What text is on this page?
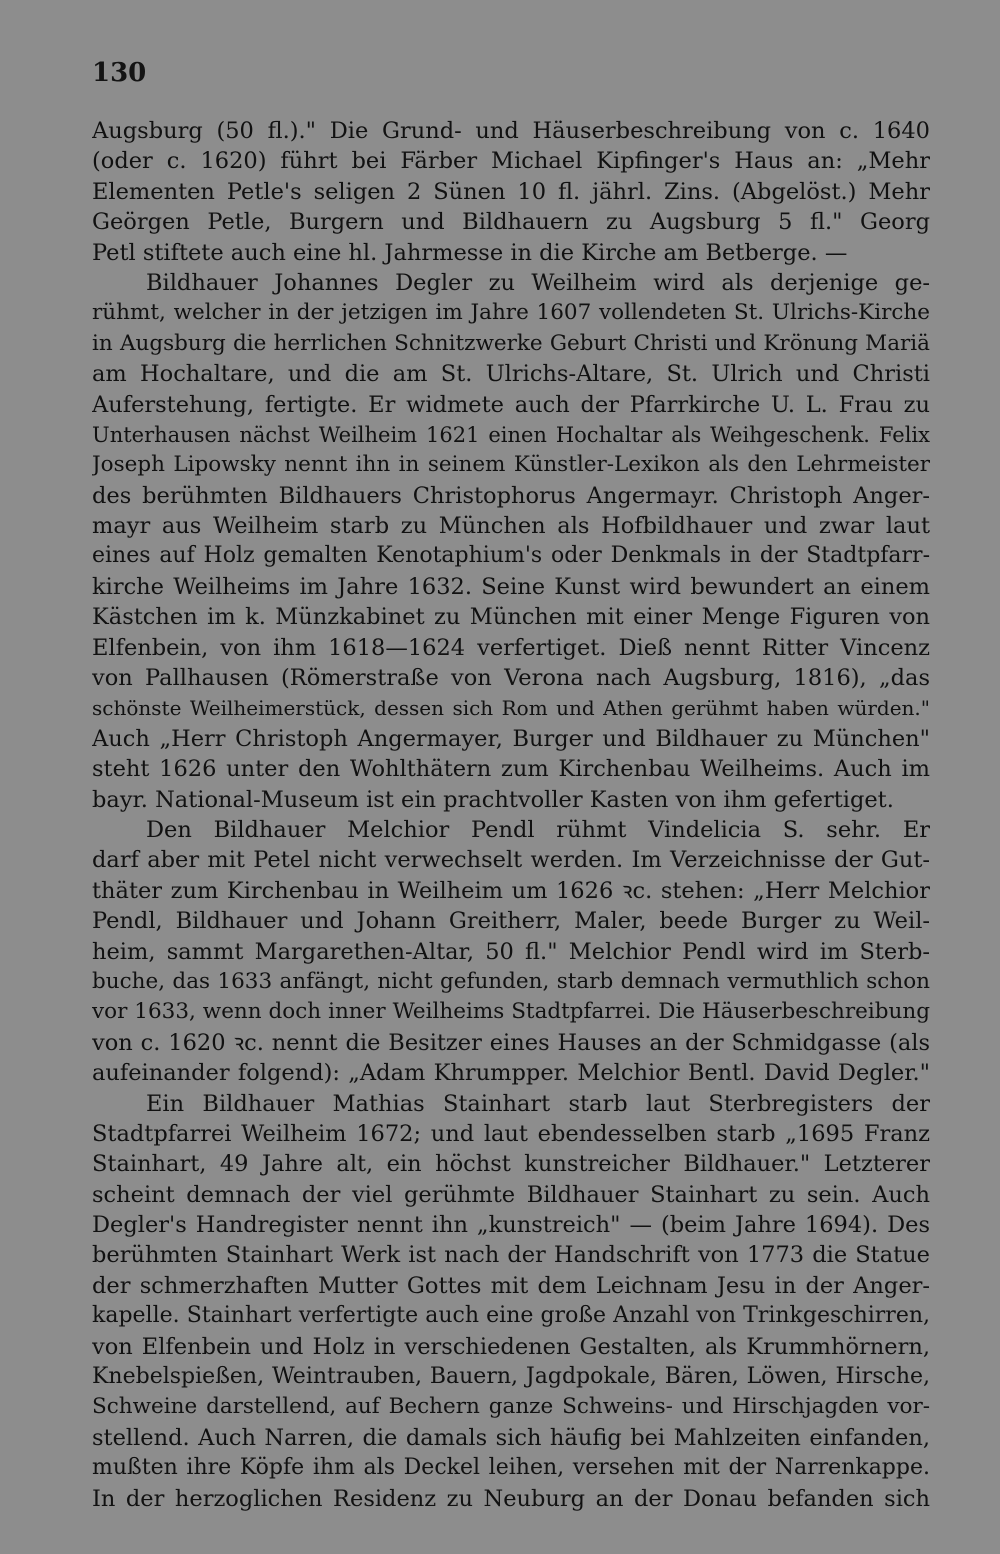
130
Augsburg (50 fl.)." Die Grund- und Häuserbeschreibung von c. 1640
(oder c. 1620) führt bei Färber Michael Kipfinger's Haus an: „Mehr
Elementen Petle's seligen 2 Sünen 10 fl. jährl. Zins. (Abgelöst.) Mehr
Geörgen Petle, Burgern und Bildhauern zu Augsburg 5 fl." Georg
Petl stiftete auch eine hl. Jahrmesse in die Kirche am Betberge. —
Bildhauer Johannes Degler zu Weilheim wird als derjenige ge-
rühmt, welcher in der jetzigen im Jahre 1607 vollendeten St. Ulrichs-Kirche
in Augsburg die herrlichen Schnitzwerke Geburt Christi und Krönung Mariä
am Hochaltare, und die am St. Ulrichs-Altare, St. Ulrich und Christi
Auferstehung, fertigte. Er widmete auch der Pfarrkirche U. L. Frau zu
Unterhausen nächst Weilheim 1621 einen Hochaltar als Weihgeschenk. Felix
Joseph Lipowsky nennt ihn in seinem Künstler-Lexikon als den Lehrmeister
des berühmten Bildhauers Christophorus Angermayr. Christoph Anger-
mayr aus Weilheim starb zu München als Hofbildhauer und zwar laut
eines auf Holz gemalten Kenotaphium's oder Denkmals in der Stadtpfarr-
kirche Weilheims im Jahre 1632. Seine Kunst wird bewundert an einem
Kästchen im k. Münzkabinet zu München mit einer Menge Figuren von
Elfenbein, von ihm 1618—1624 verfertiget. Dieß nennt Ritter Vincenz
von Pallhausen (Römerstraße von Verona nach Augsburg, 1816), „das
schönste Weilheimerstück, dessen sich Rom und Athen gerühmt haben würden."
Auch „Herr Christoph Angermayer, Burger und Bildhauer zu München"
steht 1626 unter den Wohlthätern zum Kirchenbau Weilheims. Auch im
bayr. National-Museum ist ein prachtvoller Kasten von ihm gefertiget.
Den Bildhauer Melchior Pendl rühmt Vindelicia S. sehr. Er
darf aber mit Petel nicht verwechselt werden. Im Verzeichnisse der Gut-
thäter zum Kirchenbau in Weilheim um 1626 ꝛc. stehen: „Herr Melchior
Pendl, Bildhauer und Johann Greitherr, Maler, beede Burger zu Weil-
heim, sammt Margarethen-Altar, 50 fl." Melchior Pendl wird im Sterb-
buche, das 1633 anfängt, nicht gefunden, starb demnach vermuthlich schon
vor 1633, wenn doch inner Weilheims Stadtpfarrei. Die Häuserbeschreibung
von c. 1620 ꝛc. nennt die Besitzer eines Hauses an der Schmidgasse (als
aufeinander folgend): „Adam Khrumpper. Melchior Bentl. David Degler."
Ein Bildhauer Mathias Stainhart starb laut Sterbregisters der
Stadtpfarrei Weilheim 1672; und laut ebendesselben starb „1695 Franz
Stainhart, 49 Jahre alt, ein höchst kunstreicher Bildhauer." Letzterer
scheint demnach der viel gerühmte Bildhauer Stainhart zu sein. Auch
Degler's Handregister nennt ihn „kunstreich" — (beim Jahre 1694). Des
berühmten Stainhart Werk ist nach der Handschrift von 1773 die Statue
der schmerzhaften Mutter Gottes mit dem Leichnam Jesu in der Anger-
kapelle. Stainhart verfertigte auch eine große Anzahl von Trinkgeschirren,
von Elfenbein und Holz in verschiedenen Gestalten, als Krummhörnern,
Knebelspießen, Weintrauben, Bauern, Jagdpokale, Bären, Löwen, Hirsche,
Schweine darstellend, auf Bechern ganze Schweins- und Hirschjagden vor-
stellend. Auch Narren, die damals sich häufig bei Mahlzeiten einfanden,
mußten ihre Köpfe ihm als Deckel leihen, versehen mit der Narrenkappe.
In der herzoglichen Residenz zu Neuburg an der Donau befanden sich
